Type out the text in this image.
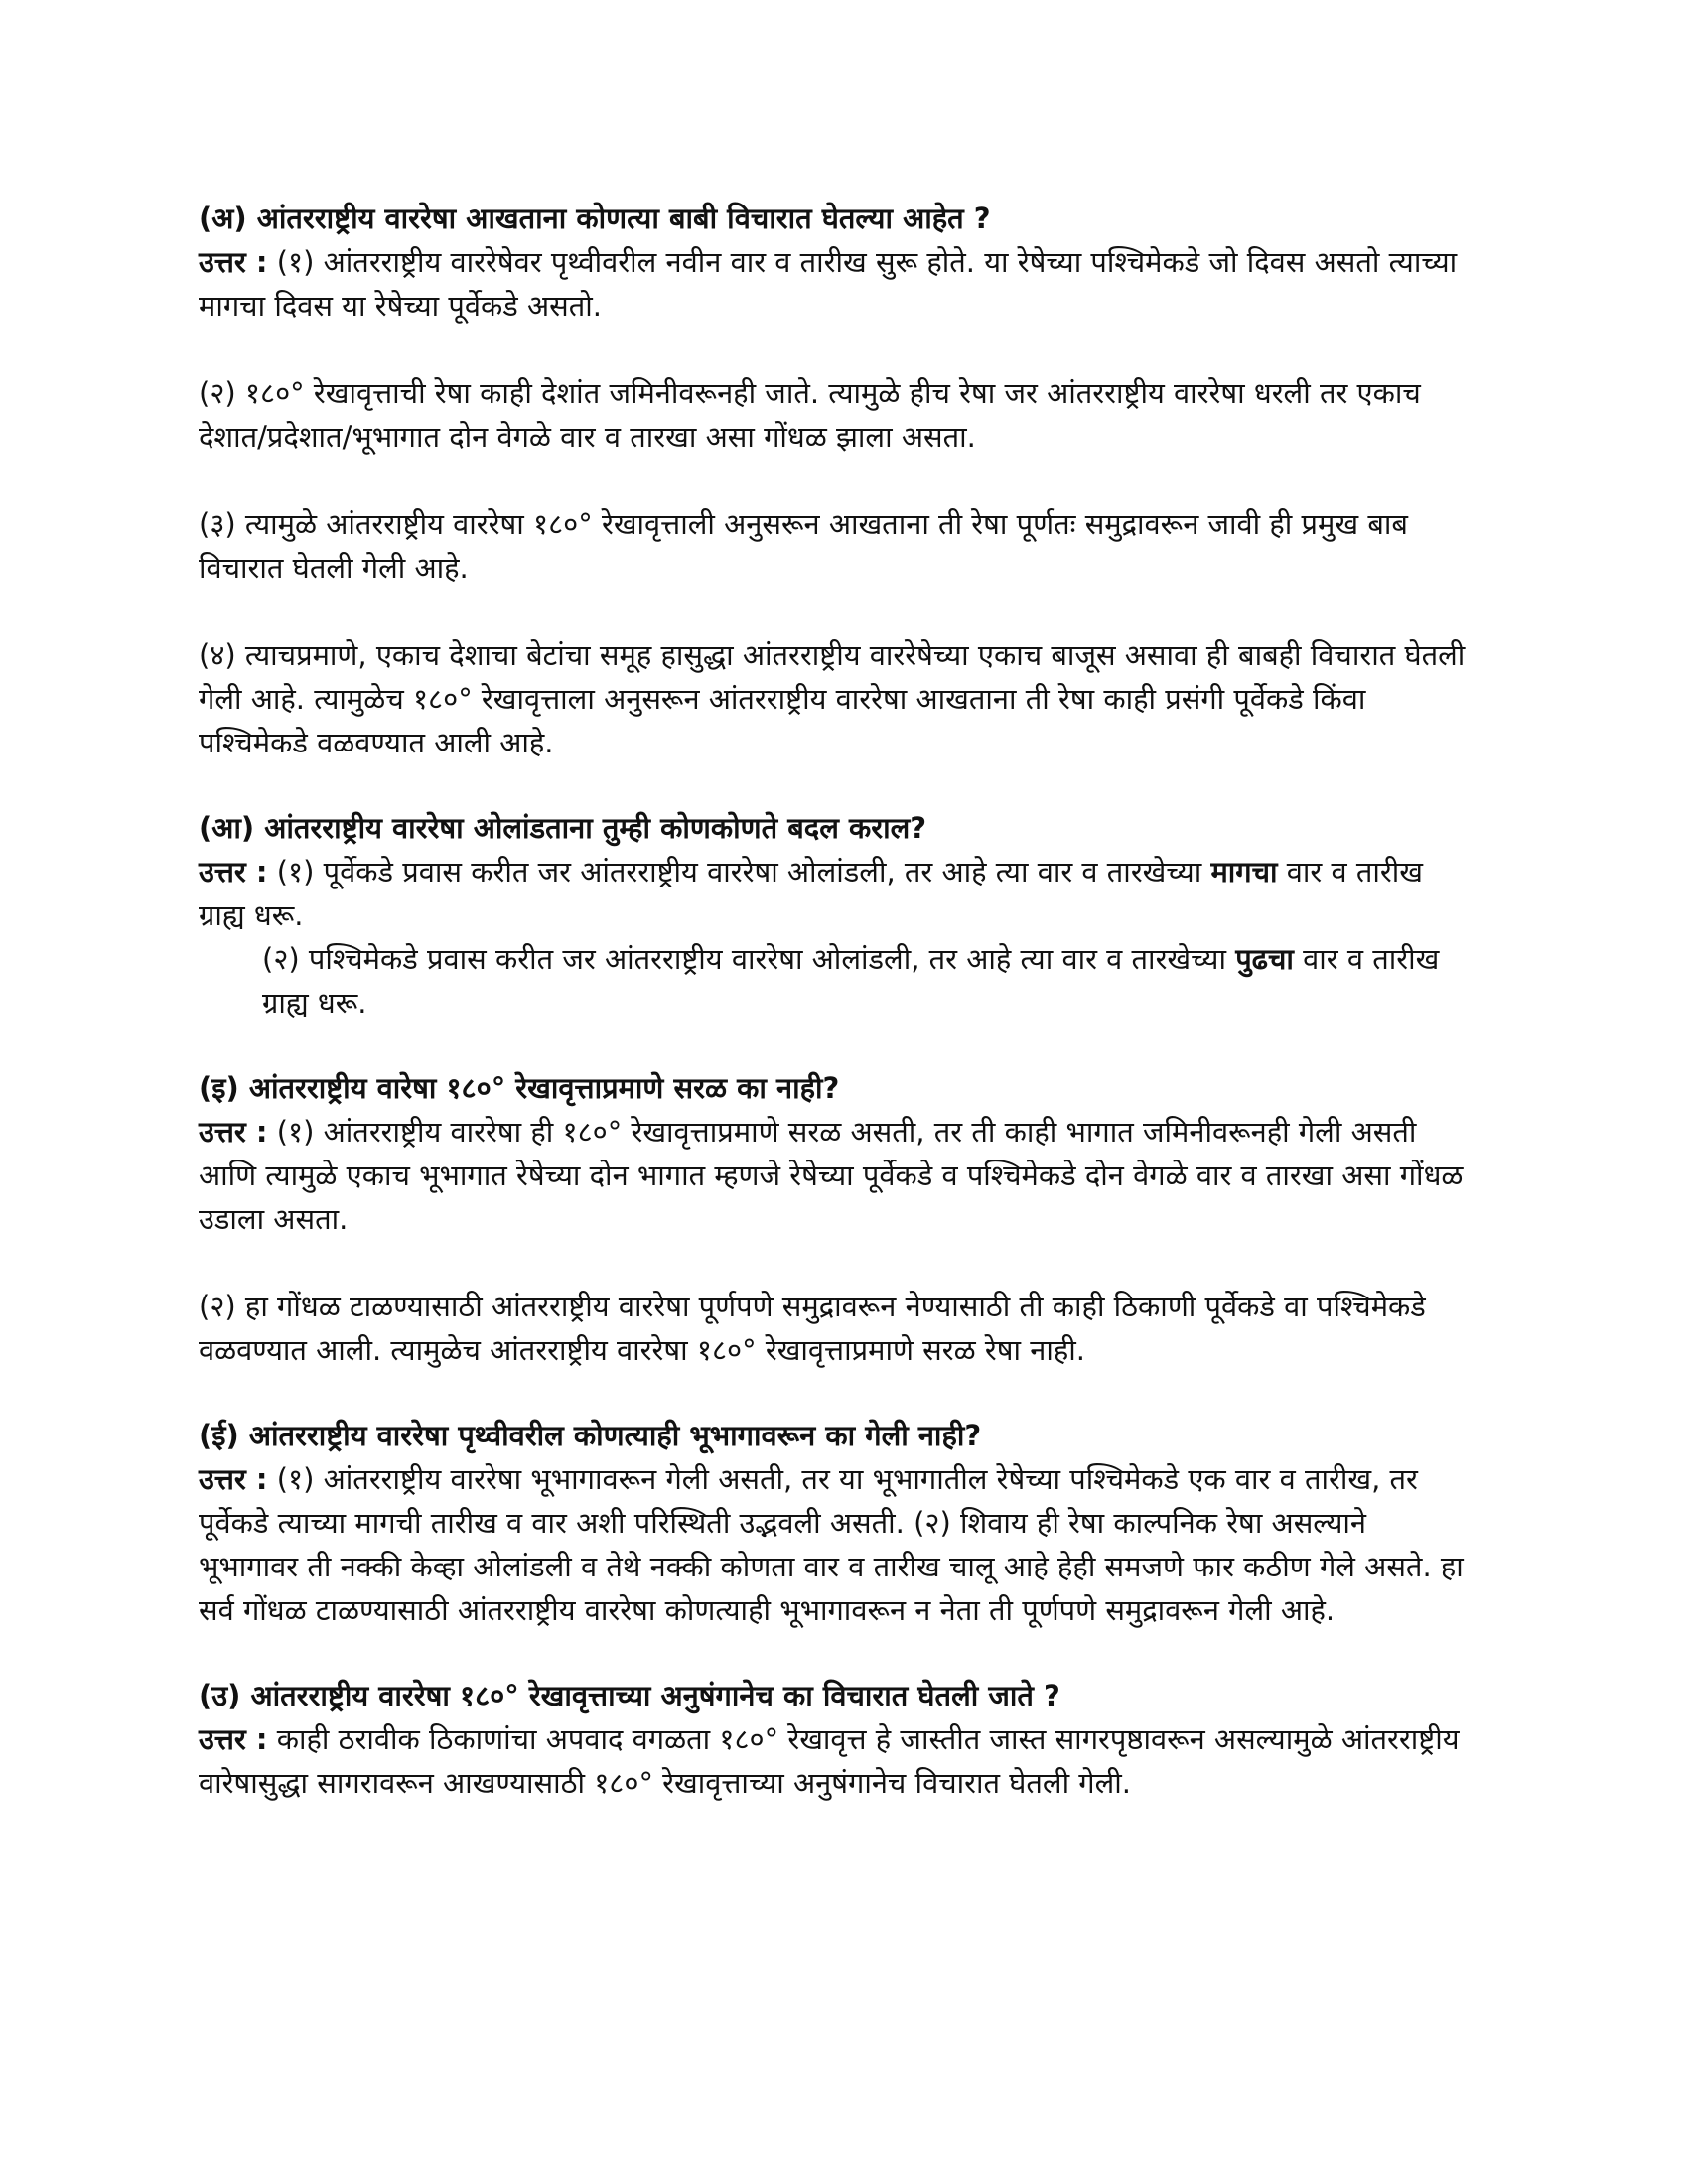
(अ) आंतरराष्ट्रीय वाररेषा आखताना कोणत्या बाबी विचारात घेतल्या आहेत ?

उत्तर : (१) आंतरराष्ट्रीय वाररेषेवर पृथ्वीवरील नवीन वार व तारीख सुरू होते. या रेषेच्या पश्चिमेकडे जो दिवस असतो त्याच्या मागचा दिवस या रेषेच्या पूर्वेकडे असतो.

(२) १८०° रेखावृत्ताची रेषा काही देशांत जमिनीवरूनही जाते. त्यामुळे हीच रेषा जर आंतरराष्ट्रीय वाररेषा धरली तर एकाच देशात/प्रदेशात/भूभागात दोन वेगळे वार व तारखा असा गोंधळ झाला असता.

(३) त्यामुळे आंतरराष्ट्रीय वाररेषा १८०° रेखावृत्ताली अनुसरून आखताना ती रेषा पूर्णतः समुद्रावरून जावी ही प्रमुख बाब विचारात घेतली गेली आहे.

(४) त्याचप्रमाणे, एकाच देशाचा बेटांचा समूह हासुद्धा आंतरराष्ट्रीय वाररेषेच्या एकाच बाजूस असावा ही बाबही विचारात घेतली गेली आहे. त्यामुळेच १८०° रेखावृत्ताला अनुसरून आंतरराष्ट्रीय वाररेषा आखताना ती रेषा काही प्रसंगी पूर्वेकडे किंवा पश्चिमेकडे वळवण्यात आली आहे.

(आ) आंतरराष्ट्रीय वाररेषा ओलांडताना तुम्ही कोणकोणते बदल कराल?

उत्तर : (१) पूर्वेकडे प्रवास करीत जर आंतरराष्ट्रीय वाररेषा ओलांडली, तर आहे त्या वार व तारखेच्या मागचा वार व तारीख ग्राह्य धरू.

(२) पश्चिमेकडे प्रवास करीत जर आंतरराष्ट्रीय वाररेषा ओलांडली, तर आहे त्या वार व तारखेच्या पुढचा वार व तारीख ग्राह्य धरू.

(इ) आंतरराष्ट्रीय वारेषा १८०° रेखावृत्ताप्रमाणे सरळ का नाही?

उत्तर : (१) आंतरराष्ट्रीय वाररेषा ही १८०° रेखावृत्ताप्रमाणे सरळ असती, तर ती काही भागात जमिनीवरूनही गेली असती आणि त्यामुळे एकाच भूभागात रेषेच्या दोन भागात म्हणजे रेषेच्या पूर्वेकडे व पश्चिमेकडे दोन वेगळे वार व तारखा असा गोंधळ उडाला असता.

(२) हा गोंधळ टाळण्यासाठी आंतरराष्ट्रीय वाररेषा पूर्णपणे समुद्रावरून नेण्यासाठी ती काही ठिकाणी पूर्वेकडे वा पश्चिमेकडे वळवण्यात आली. त्यामुळेच आंतरराष्ट्रीय वाररेषा १८०° रेखावृत्ताप्रमाणे सरळ रेषा नाही.

(ई) आंतरराष्ट्रीय वाररेषा पृथ्वीवरील कोणत्याही भूभागावरून का गेली नाही?

उत्तर : (१) आंतरराष्ट्रीय वाररेषा भूभागावरून गेली असती, तर या भूभागातील रेषेच्या पश्चिमेकडे एक वार व तारीख, तर पूर्वेकडे त्याच्या मागची तारीख व वार अशी परिस्थिती उद्भवली असती. (२) शिवाय ही रेषा काल्पनिक रेषा असल्याने भूभागावर ती नक्की केव्हा ओलांडली व तेथे नक्की कोणता वार व तारीख चालू आहे हेही समजणे फार कठीण गेले असते. हा सर्व गोंधळ टाळण्यासाठी आंतरराष्ट्रीय वाररेषा कोणत्याही भूभागावरून न नेता ती पूर्णपणे समुद्रावरून गेली आहे.

(उ) आंतरराष्ट्रीय वाररेषा १८०° रेखावृत्ताच्या अनुषंगानेच का विचारात घेतली जाते ?

उत्तर : काही ठरावीक ठिकाणांचा अपवाद वगळता १८०° रेखावृत्त हे जास्तीत जास्त सागरपृष्ठावरून असल्यामुळे आंतरराष्ट्रीय वारेषासुद्धा सागरावरून आखण्यासाठी १८०° रेखावृत्ताच्या अनुषंगानेच विचारात घेतली गेली.
